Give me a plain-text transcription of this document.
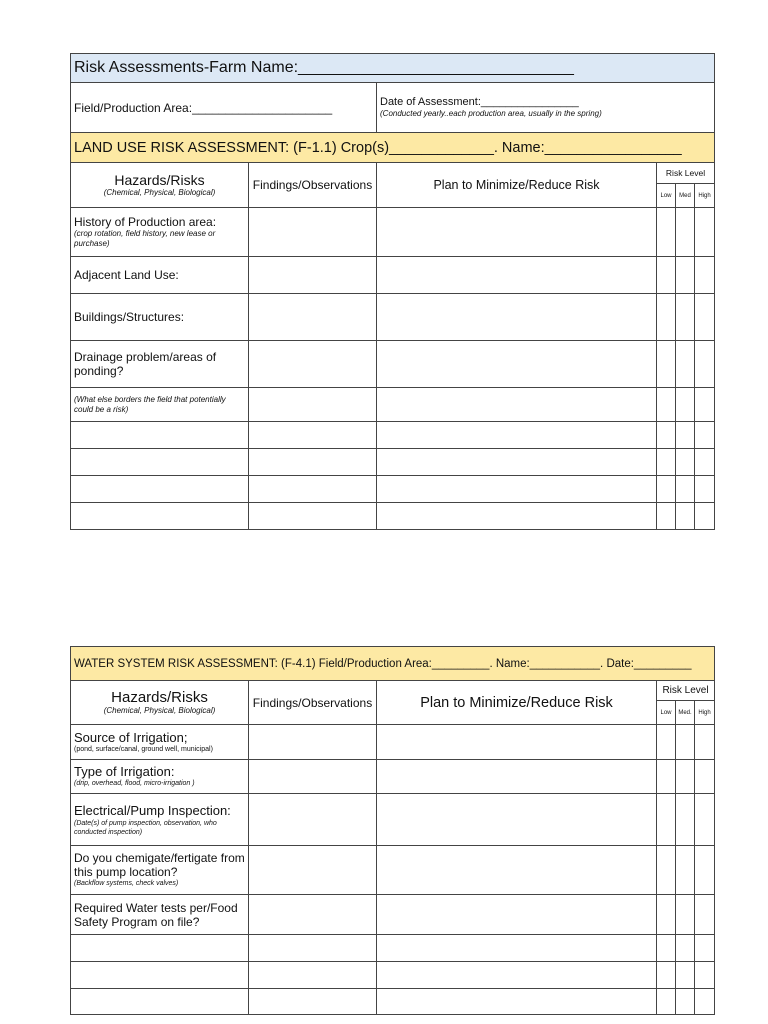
Risk Assessments-Farm Name:_______________________________					
Field/Production Area:_____________________		Date of Assessment:________________
(Conducted yearly..each production area, usually in the spring)			

LAND USE RISK ASSESSMENT: (F-1.1) Crop(s)_____________. Name:_________________					

Hazards/Risks
(Chemical, Physical, Biological)	Findings/Observations	Plan to Minimize/Reduce Risk	Risk Level		
			Low	Med	High

History of Production area:
(crop rotation, field history, new lease or purchase)					

Adjacent Land Use:					

Buildings/Structures:					

Drainage problem/areas of ponding?					

(What else borders the field that potentially could be a risk)					

WATER SYSTEM RISK ASSESSMENT: (F-4.1) Field/Production Area:_________. Name:___________. Date:_________					

Hazards/Risks
(Chemical, Physical, Biological)	Findings/Observations	Plan to Minimize/Reduce Risk	Risk Level		
			Low	Med.	High

Source of Irrigation;
(pond, surface/canal, ground well, municipal)					

Type of Irrigation:
(drip, overhead, flood, micro-irrigation )					

Electrical/Pump Inspection:
(Date(s) of pump inspection, observation, who conducted inspection)					

Do you chemigate/fertigate from this pump location?
(Backflow systems, check valves)					

Required Water tests per/Food Safety Program on file?					
